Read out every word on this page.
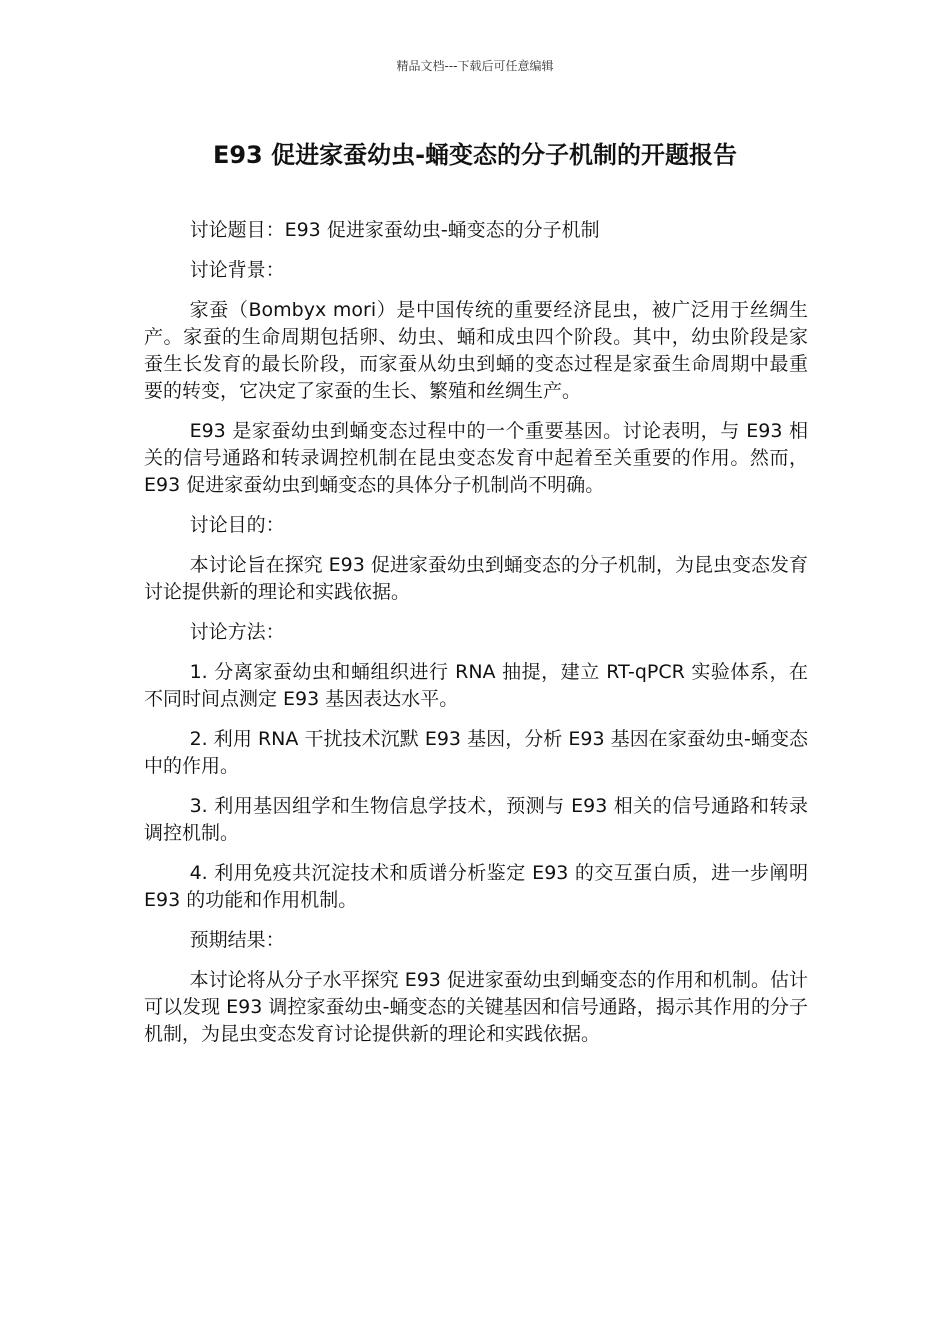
精品文档---下载后可任意编辑
E93 促进家蚕幼虫-蛹变态的分子机制的开题报告

讨论题目：E93 促进家蚕幼虫-蛹变态的分子机制

讨论背景：

家蚕（Bombyx mori）是中国传统的重要经济昆虫，被广泛用于丝绸生产。家蚕的生命周期包括卵、幼虫、蛹和成虫四个阶段。其中，幼虫阶段是家蚕生长发育的最长阶段，而家蚕从幼虫到蛹的变态过程是家蚕生命周期中最重要的转变，它决定了家蚕的生长、繁殖和丝绸生产。

E93 是家蚕幼虫到蛹变态过程中的一个重要基因。讨论表明，与 E93 相关的信号通路和转录调控机制在昆虫变态发育中起着至关重要的作用。然而，E93 促进家蚕幼虫到蛹变态的具体分子机制尚不明确。

讨论目的：

本讨论旨在探究 E93 促进家蚕幼虫到蛹变态的分子机制，为昆虫变态发育讨论提供新的理论和实践依据。

讨论方法：

1. 分离家蚕幼虫和蛹组织进行 RNA 抽提，建立 RT-qPCR 实验体系，在不同时间点测定 E93 基因表达水平。

2. 利用 RNA 干扰技术沉默 E93 基因，分析 E93 基因在家蚕幼虫-蛹变态中的作用。

3. 利用基因组学和生物信息学技术，预测与 E93 相关的信号通路和转录调控机制。

4. 利用免疫共沉淀技术和质谱分析鉴定 E93 的交互蛋白质，进一步阐明 E93 的功能和作用机制。

预期结果：

本讨论将从分子水平探究 E93 促进家蚕幼虫到蛹变态的作用和机制。估计可以发现 E93 调控家蚕幼虫-蛹变态的关键基因和信号通路，揭示其作用的分子机制，为昆虫变态发育讨论提供新的理论和实践依据。
